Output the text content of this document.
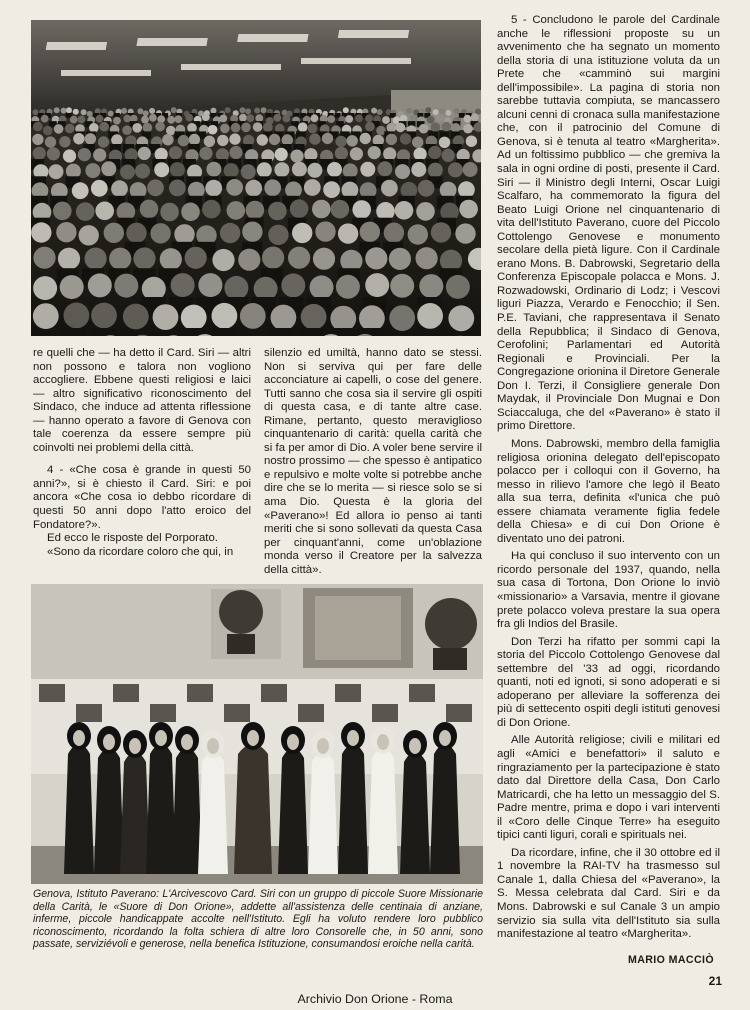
re quelli che — ha detto il Card. Siri — altri non possono e talora non vogliono accogliere. Ebbene questi religiosi e laici — altro significativo riconoscimento del Sindaco, che induce ad attenta riflessione — hanno operato a favore di Genova con tale coerenza da essere sempre più coinvolti nei problemi della città.

4 - «Che cosa è grande in questi 50 anni?», si è chiesto il Card. Siri: e poi ancora «Che cosa io debbo ricordare di questi 50 anni dopo l'atto eroico del Fondatore?».

Ed ecco le risposte del Porporato.

«Sono da ricordare coloro che qui, in

silenzio ed umiltà, hanno dato se stessi. Non si serviva qui per fare delle acconciature ai capelli, o cose del genere. Tutti sanno che cosa sia il servire gli ospiti di questa casa, e di tante altre case. Rimane, pertanto, questo meraviglioso cinquantenario di carità: quella carità che si fa per amor di Dio. A voler bene servire il nostro prossimo — che spesso è antipatico e repulsivo e molte volte si potrebbe anche dire che se lo merita — si riesce solo se si ama Dio. Questa è la gloria del «Paverano»! Ed allora io penso ai tanti meriti che si sono sollevati da questa Casa per cinquant'anni, come un'oblazione monda verso il Creatore per la salvezza della città».

5 - Concludono le parole del Cardinale anche le riflessioni proposte su un avvenimento che ha segnato un momento della storia di una istituzione voluta da un Prete che «camminò sui margini dell'impossibile». La pagina di storia non sarebbe tuttavia compiuta, se mancassero alcuni cenni di cronaca sulla manifestazione che, con il patrocinio del Comune di Genova, si è tenuta al teatro «Margherita». Ad un foltissimo pubblico — che gremiva la sala in ogni ordine di posti, presente il Card. Siri — il Ministro degli Interni, Oscar Luigi Scalfaro, ha commemorato la figura del Beato Luigi Orione nel cinquantenario di vita dell'Istituto Paverano, cuore del Piccolo Cottolengo Genovese e monumento secolare della pietà ligure. Con il Cardinale erano Mons. B. Dabrowski, Segretario della Conferenza Episcopale polacca e Mons. J. Rozwadowski, Ordinario di Lodz; i Vescovi liguri Piazza, Verardo e Fenocchio; il Sen. P.E. Taviani, che rappresentava il Senato della Repubblica; il Sindaco di Genova, Cerofolini; Parlamentari ed Autorità Regionali e Provinciali. Per la Congregazione orionina il Diretore Generale Don I. Terzi, il Consigliere generale Don Maydak, il Provinciale Don Mugnai e Don Sciaccaluga, che del «Paverano» è stato il primo Direttore.

Mons. Dabrowski, membro della famiglia religiosa orionina delegato dell'episcopato polacco per i colloqui con il Governo, ha messo in rilievo l'amore che legò il Beato alla sua terra, definita «l'unica che può essere chiamata veramente figlia fedele della Chiesa» e di cui Don Orione è diventato uno dei patroni.

Ha qui concluso il suo intervento con un ricordo personale del 1937, quando, nella sua casa di Tortona, Don Orione lo inviò «missionario» a Varsavia, mentre il giovane prete polacco voleva prestare la sua opera fra gli Indios del Brasile.

Don Terzi ha rifatto per sommi capi la storia del Piccolo Cottolengo Genovese dal settembre del '33 ad oggi, ricordando quanti, noti ed ignoti, si sono adoperati e si adoperano per alleviare la sofferenza dei più di settecento ospiti degli istituti genovesi di Don Orione.

Alle Autorità religiose; civili e militari ed agli «Amici e benefattori» il saluto e ringraziamento per la partecipazione è stato dato dal Direttore della Casa, Don Carlo Matricardi, che ha letto un messaggio del S. Padre mentre, prima e dopo i vari interventi il «Coro delle Cinque Terre» ha eseguito tipici canti liguri, corali e spirituals nei.

Da ricordare, infine, che il 30 ottobre ed il 1 novembre la RAI-TV ha trasmesso sul Canale 1, dalla Chiesa del «Paverano», la S. Messa celebrata dal Card. Siri e da Mons. Dabrowski e sul Canale 3 un ampio servizio sia sulla vita dell'Istituto sia sulla manifestazione al teatro «Margherita».

Genova, Istituto Paverano: L'Arcivescovo Card. Siri con un gruppo di piccole Suore Missionarie della Carità, le «Suore di Don Orione», addette all'assistenza delle centinaia di anziane, inferme, piccole handicappate accolte nell'Istituto. Egli ha voluto rendere loro pubblico riconoscimento, ricordando la folta schiera di altre loro Consorelle che, in 50 anni, sono passate, serviziévoli e generose, nella benefica Istituzione, consumandosi eroiche nella carità.
MARIO MACCIÒ
21
Archivio Don Orione - Roma
